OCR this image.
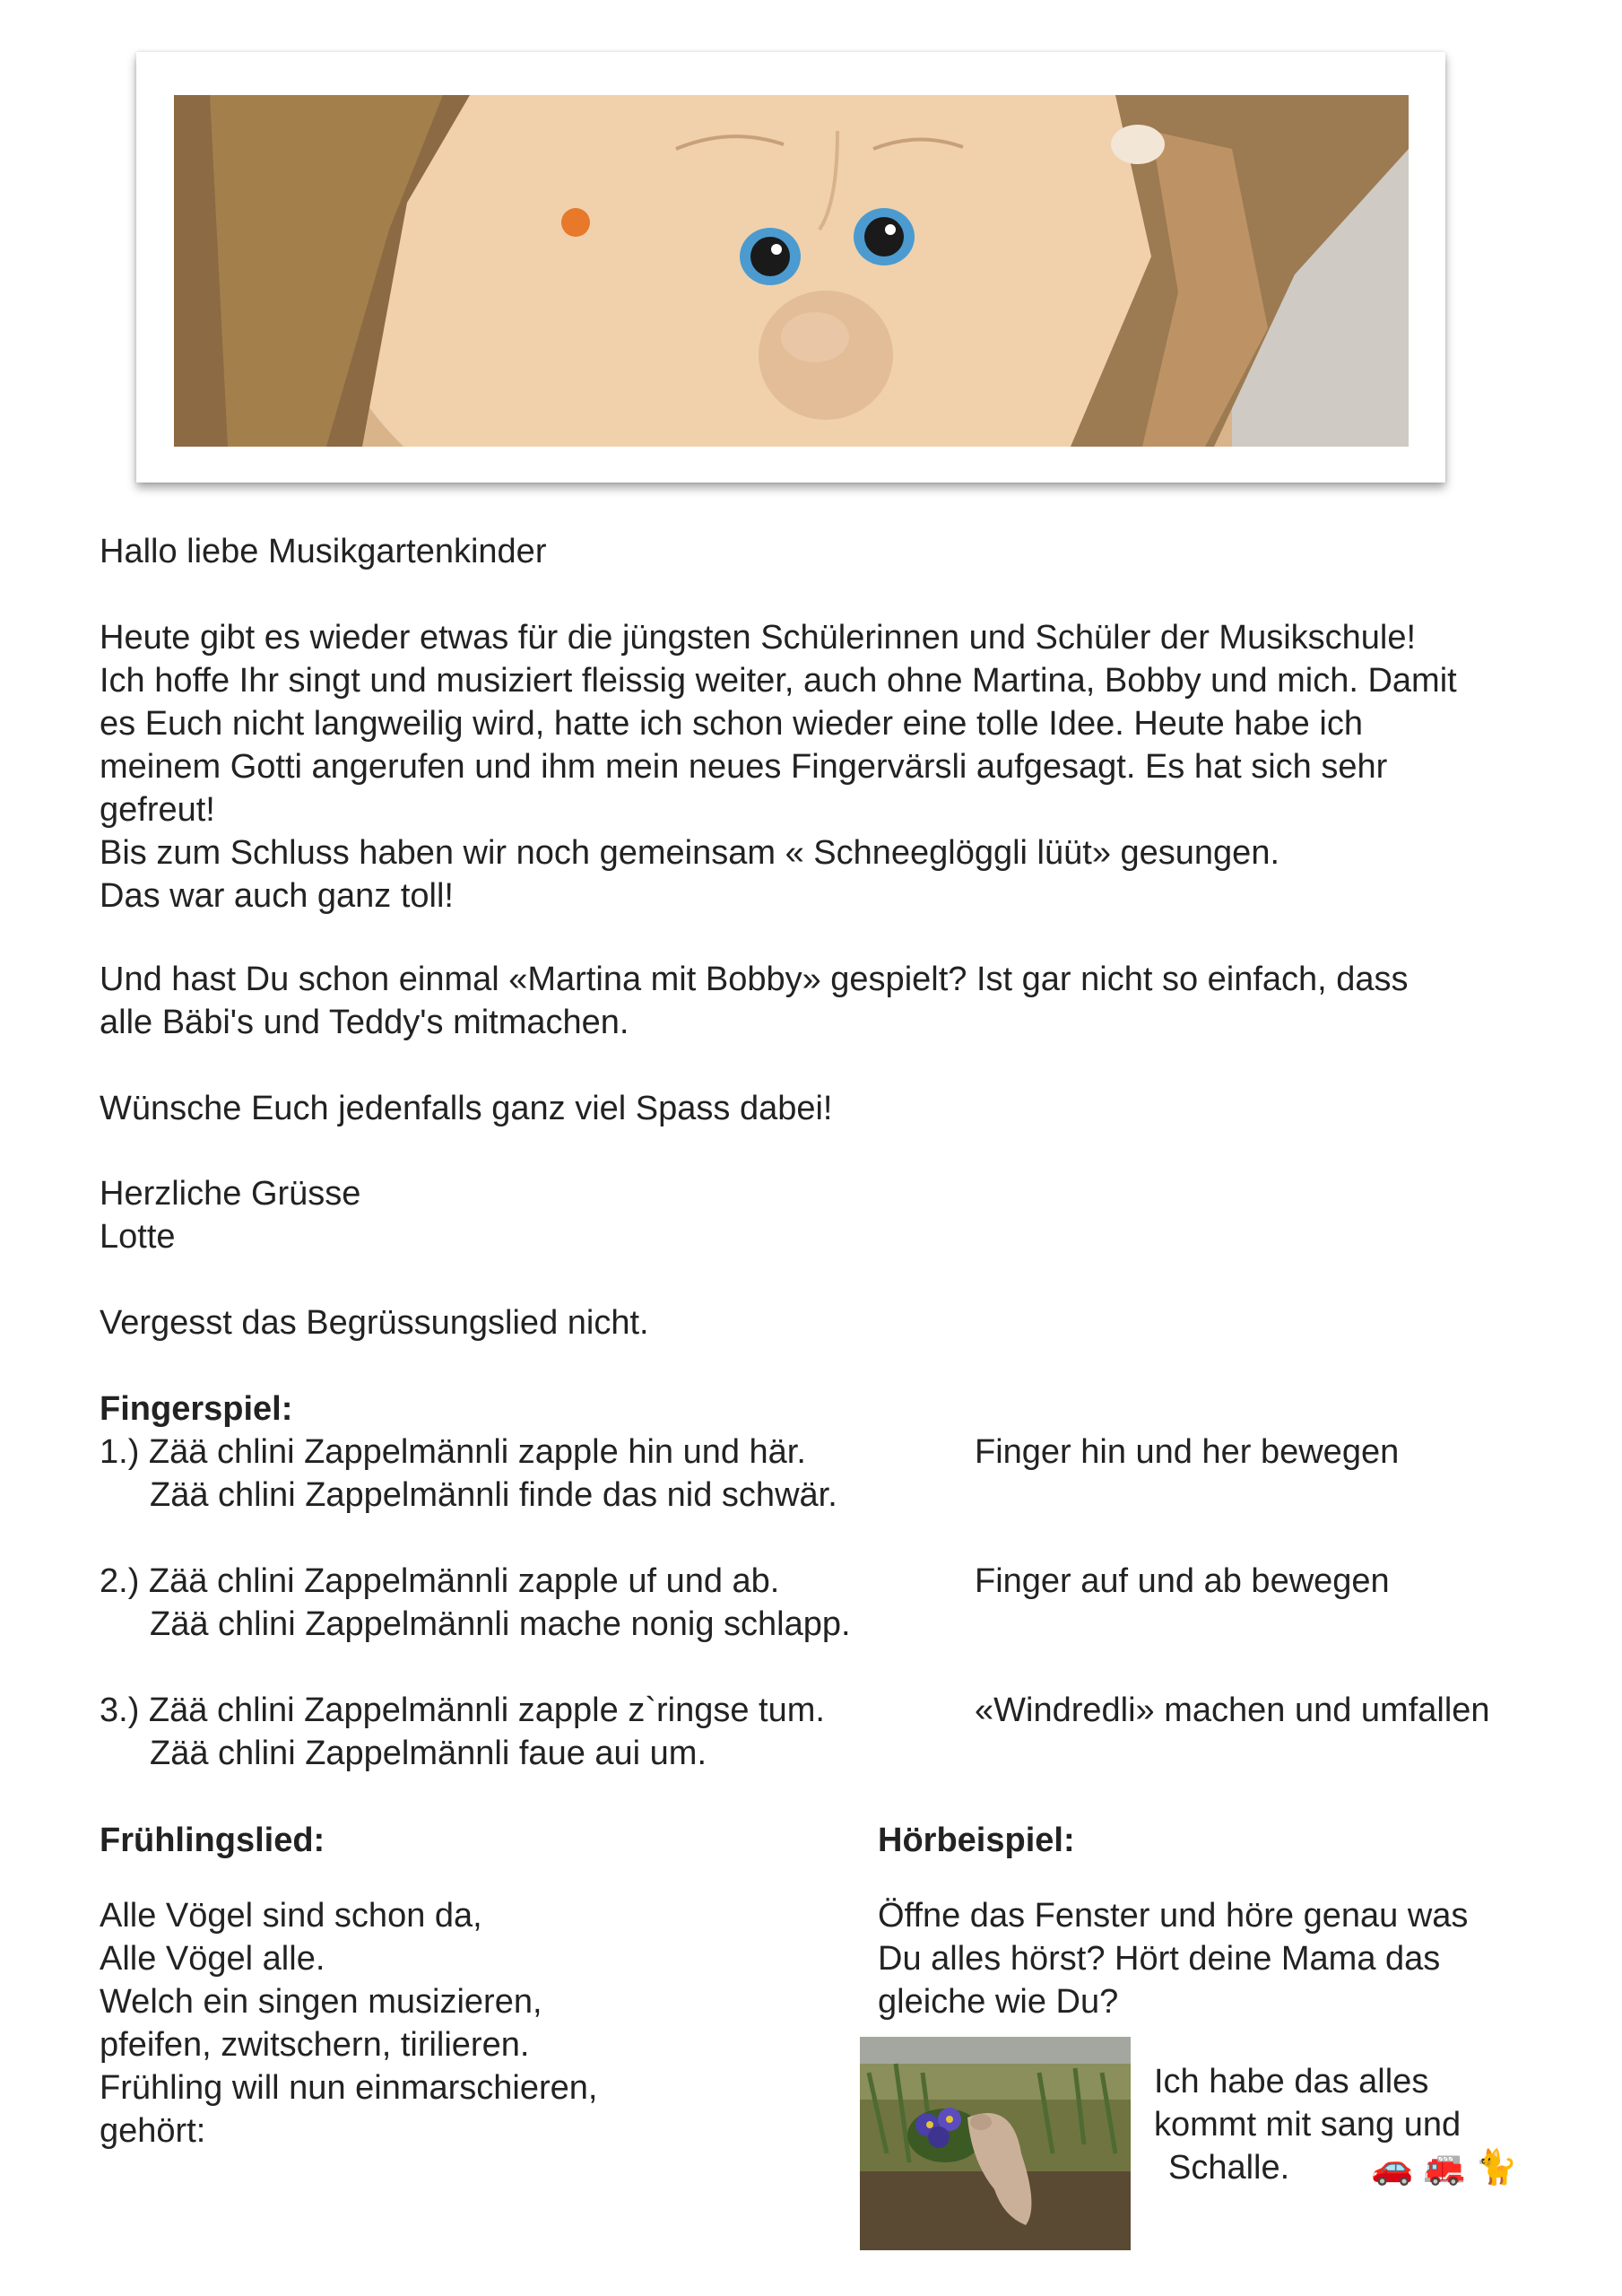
Hallo liebe Musikgartenkinder
Heute gibt es wieder etwas für die jüngsten Schülerinnen und Schüler der Musikschule!
Ich hoffe Ihr singt und musiziert fleissig weiter, auch ohne Martina, Bobby und mich. Damit
es Euch nicht langweilig wird, hatte ich schon wieder eine tolle Idee. Heute habe ich
meinem Gotti angerufen und ihm mein neues Fingervärsli aufgesagt. Es hat sich sehr
gefreut!
Bis zum Schluss haben wir noch gemeinsam « Schneeglöggli lüüt» gesungen.
Das war auch ganz toll!
Und hast Du schon einmal «Martina mit Bobby» gespielt? Ist gar nicht so einfach, dass
alle Bäbi's und Teddy's mitmachen.
Wünsche Euch jedenfalls ganz viel Spass dabei!
Herzliche Grüsse
Lotte
Vergesst das Begrüssungslied nicht.
Fingerspiel:
1.) Zää chlini Zappelmännli zapple hin und här.
Zää chlini Zappelmännli finde das nid schwär.
Finger hin und her bewegen
2.) Zää chlini Zappelmännli zapple uf und ab.
Zää chlini Zappelmännli mache nonig schlapp.
Finger auf und ab bewegen
3.) Zää chlini Zappelmännli zapple z`ringse tum.
Zää chlini Zappelmännli faue aui um.
«Windredli» machen und umfallen
Frühlingslied:
Alle Vögel sind schon da,
Alle Vögel alle.
Welch ein singen musizieren,
pfeifen, zwitschern, tirilieren.
Frühling will nun einmarschieren,
gehört:
Hörbeispiel:
Öffne das Fenster und höre genau was
Du alles hörst? Hört deine Mama das
gleiche wie Du?
Ich habe das alles
kommt mit sang und
Schalle. 🚗 🚒 🐈
